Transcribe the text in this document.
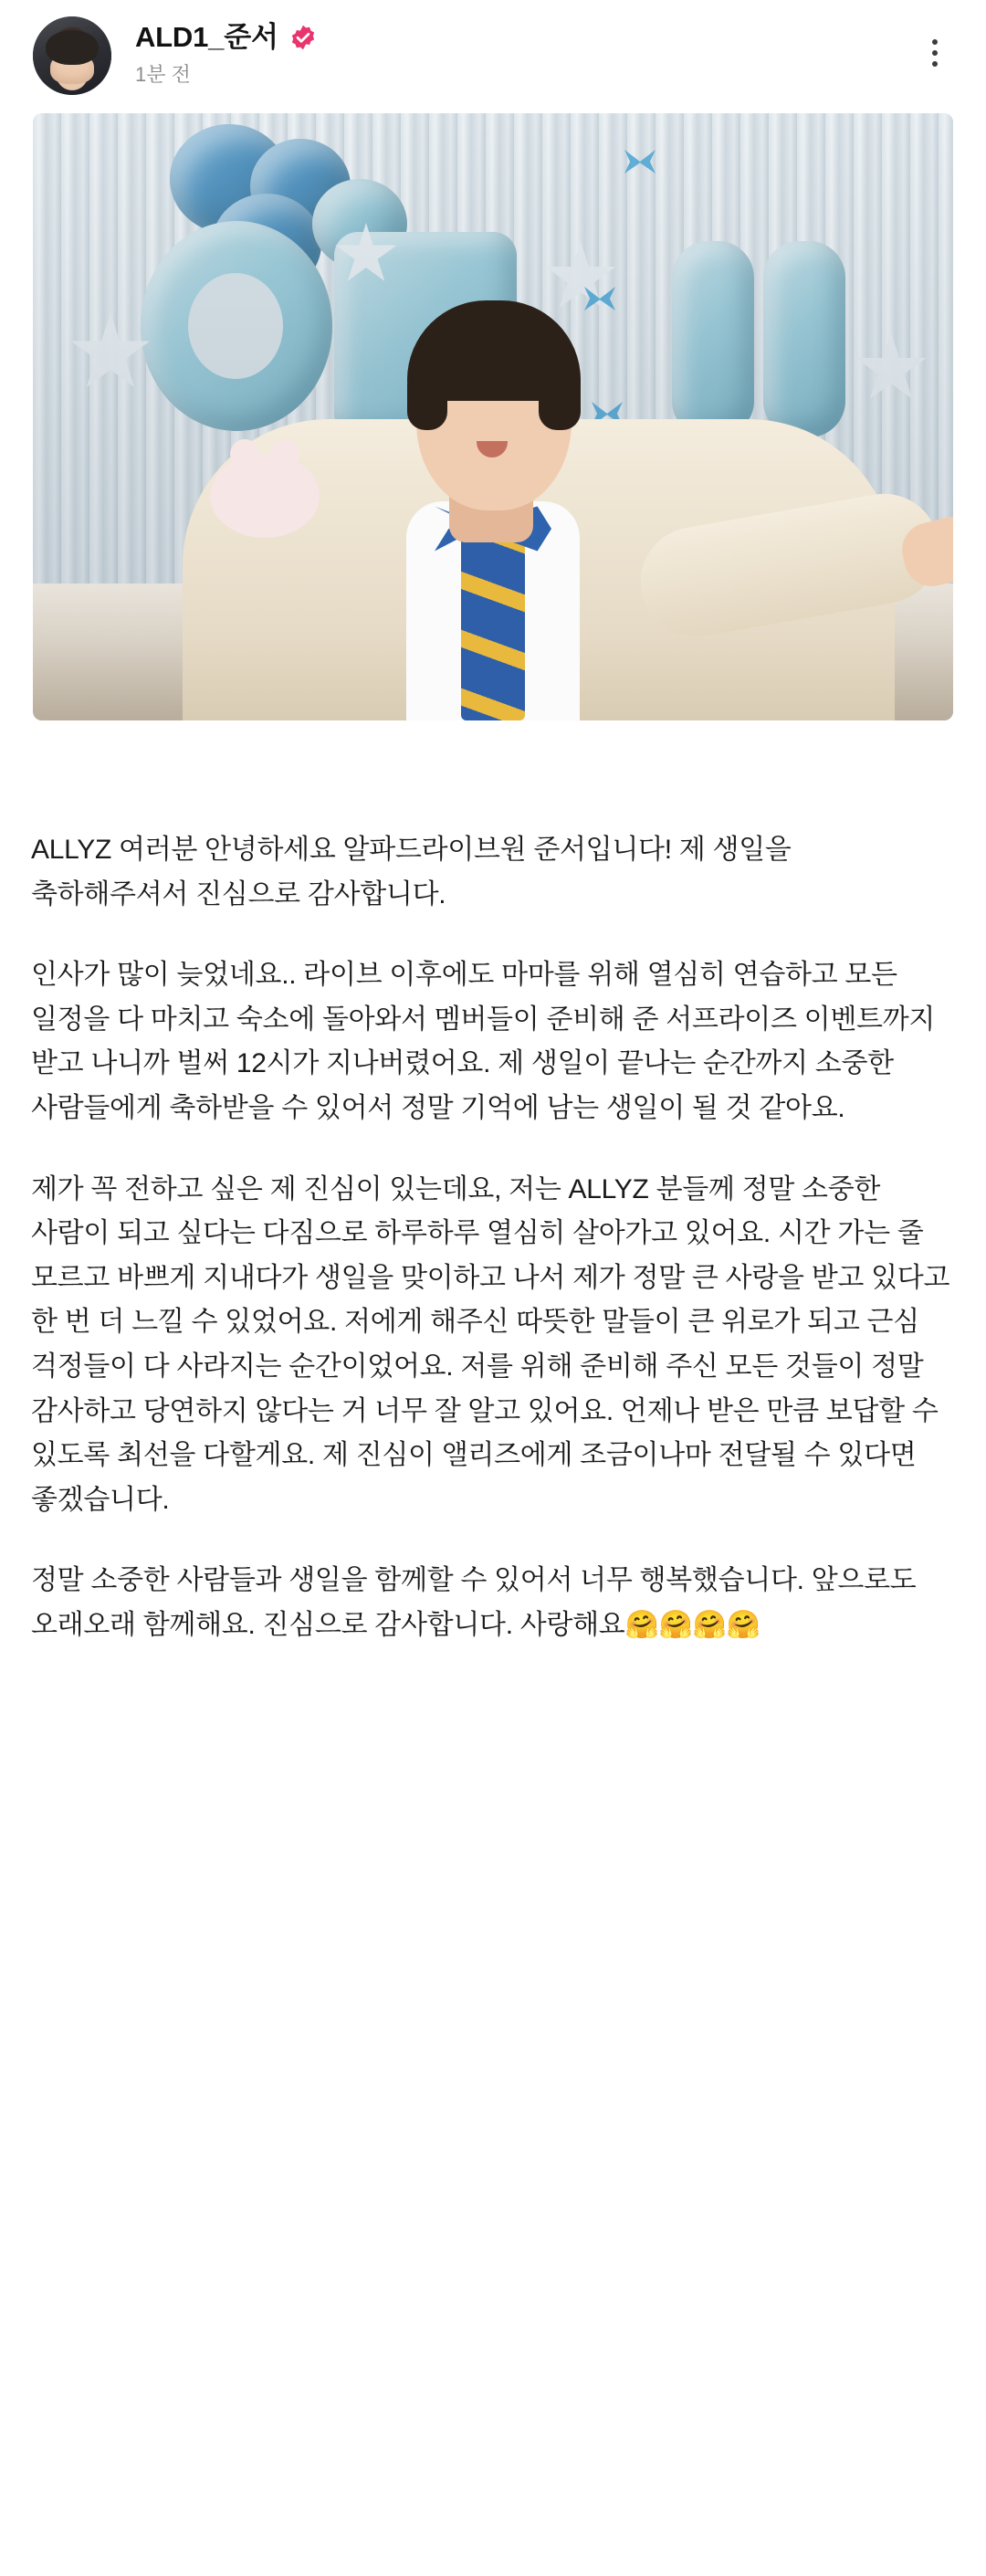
ALD1_준서
1분 전

ALLYZ 여러분 안녕하세요 알파드라이브원 준서입니다! 제 생일을 축하해주셔서 진심으로 감사합니다.

인사가 많이 늦었네요.. 라이브 이후에도 마마를 위해 열심히 연습하고 모든 일정을 다 마치고 숙소에 돌아와서 멤버들이 준비해 준 서프라이즈 이벤트까지 받고 나니까 벌써 12시가 지나버렸어요. 제 생일이 끝나는 순간까지 소중한 사람들에게 축하받을 수 있어서 정말 기억에 남는 생일이 될 것 같아요.

제가 꼭 전하고 싶은 제 진심이 있는데요, 저는 ALLYZ 분들께 정말 소중한 사람이 되고 싶다는 다짐으로 하루하루 열심히 살아가고 있어요. 시간 가는 줄 모르고 바쁘게 지내다가 생일을 맞이하고 나서 제가 정말 큰 사랑을 받고 있다고 한 번 더 느낄 수 있었어요. 저에게 해주신 따뜻한 말들이 큰 위로가 되고 근심 걱정들이 다 사라지는 순간이었어요. 저를 위해 준비해 주신 모든 것들이 정말 감사하고 당연하지 않다는 거 너무 잘 알고 있어요. 언제나 받은 만큼 보답할 수 있도록 최선을 다할게요. 제 진심이 앨리즈에게 조금이나마 전달될 수 있다면 좋겠습니다.

정말 소중한 사람들과 생일을 함께할 수 있어서 너무 행복했습니다. 앞으로도 오래오래 함께해요. 진심으로 감사합니다. 사랑해요🤗🤗🤗🤗
